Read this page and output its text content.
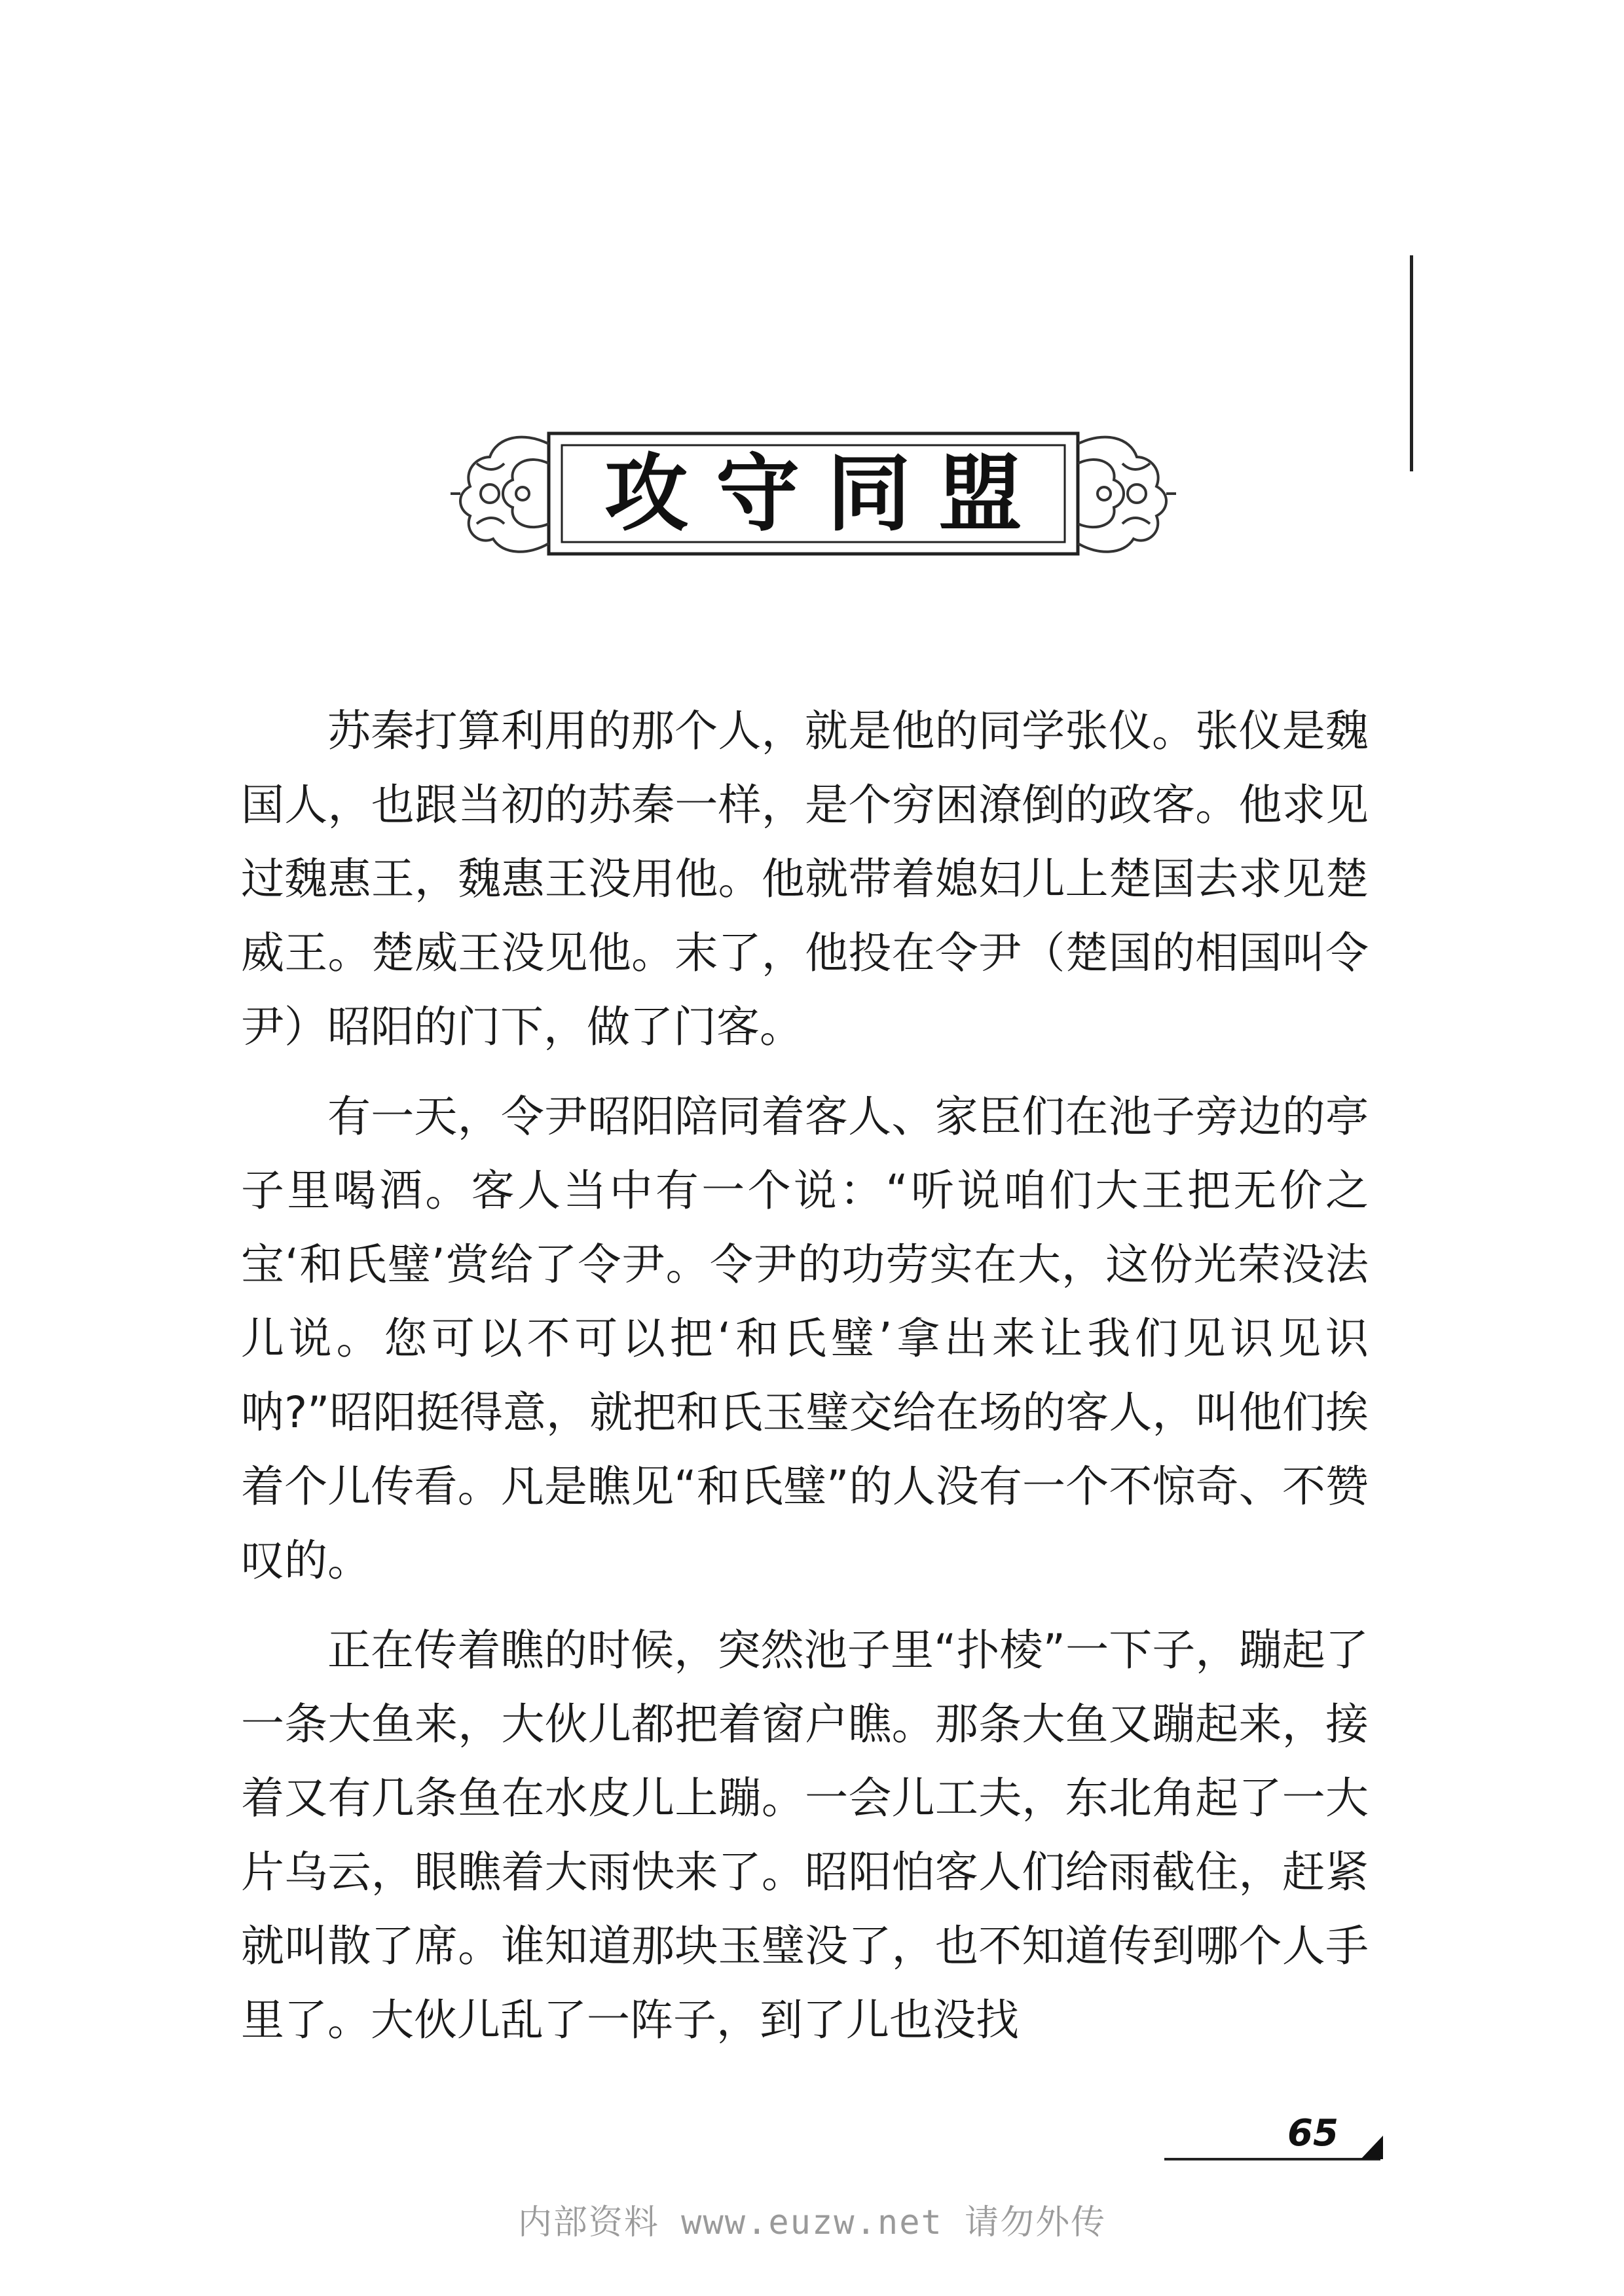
攻守同盟

苏秦打算利用的那个人，就是他的同学张仪。张仪是魏国人，也跟当初的苏秦一样，是个穷困潦倒的政客。他求见过魏惠王，魏惠王没用他。他就带着媳妇儿上楚国去求见楚威王。楚威王没见他。末了，他投在令尹（楚国的相国叫令尹）昭阳的门下，做了门客。

有一天，令尹昭阳陪同着客人、家臣们在池子旁边的亭子里喝酒。客人当中有一个说：“听说咱们大王把无价之宝‘和氏璧’赏给了令尹。令尹的功劳实在大，这份光荣没法儿说。您可以不可以把‘和氏璧’拿出来让我们见识见识呐?”昭阳挺得意，就把和氏玉璧交给在场的客人，叫他们挨着个儿传看。凡是瞧见“和氏璧”的人没有一个不惊奇、不赞叹的。

正在传着瞧的时候，突然池子里“扑棱”一下子，蹦起了一条大鱼来，大伙儿都把着窗户瞧。那条大鱼又蹦起来，接着又有几条鱼在水皮儿上蹦。一会儿工夫，东北角起了一大片乌云，眼瞧着大雨快来了。昭阳怕客人们给雨截住，赶紧就叫散了席。谁知道那块玉璧没了，也不知道传到哪个人手里了。大伙儿乱了一阵子，到了儿也没找

65
内部资料 www.euzw.net 请勿外传
